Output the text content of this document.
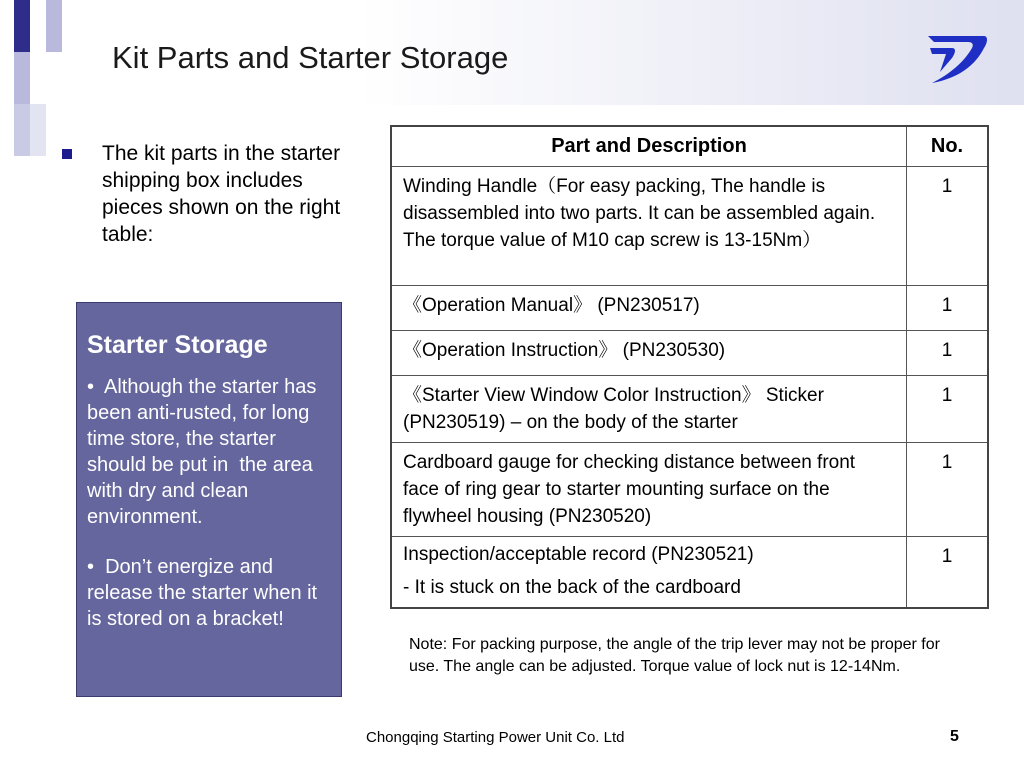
Kit Parts and Starter Storage
The kit parts in the starter shipping box includes pieces shown on the right table:
Starter Storage

•  Although the starter has been anti-rusted, for long time store, the starter should be put in  the area with dry and clean environment.

•  Don’t energize and release the starter when it is stored on a bracket!

Part and Description	No.
Winding Handle（For easy packing, The handle is disassembled into two parts. It can be assembled again. The torque value of M10 cap screw is 13-15Nm）	1
《Operation Manual》 (PN230517)	1
《Operation Instruction》 (PN230530)	1
《Starter View Window Color Instruction》 Sticker (PN230519) – on the body of the starter	1
Cardboard gauge for checking distance between front face of ring gear to starter mounting surface on the flywheel housing (PN230520)	1
Inspection/acceptable record (PN230521)
- It is stuck on the back of the cardboard	1
Note: For packing purpose, the angle of the trip lever may not be proper for use. The angle can be adjusted. Torque value of lock nut is 12-14Nm.
Chongqing Starting Power Unit Co. Ltd	5
